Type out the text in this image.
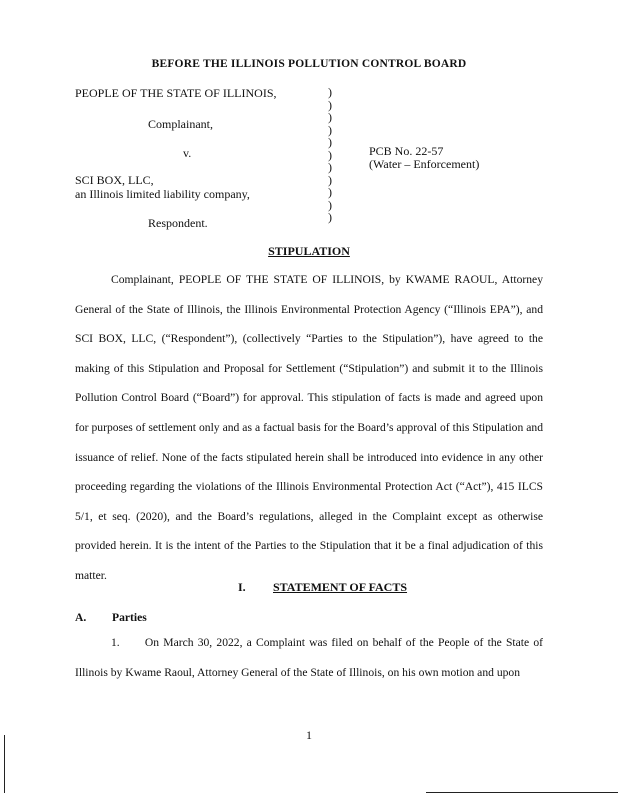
BEFORE THE ILLINOIS POLLUTION CONTROL BOARD
PEOPLE OF THE STATE OF ILLINOIS,
Complainant,
v.
SCI BOX, LLC,
an Illinois limited liability company,
Respondent.
)
)
)
)
)
)
)
)
)
)
)
PCB No. 22-57
(Water – Enforcement)
STIPULATION

Complainant, PEOPLE OF THE STATE OF ILLINOIS, by KWAME RAOUL, Attorney General of the State of Illinois, the Illinois Environmental Protection Agency (“Illinois EPA”), and SCI BOX, LLC, (“Respondent”), (collectively “Parties to the Stipulation”), have agreed to the making of this Stipulation and Proposal for Settlement (“Stipulation”) and submit it to the Illinois Pollution Control Board (“Board”) for approval. This stipulation of facts is made and agreed upon for purposes of settlement only and as a factual basis for the Board’s approval of this Stipulation and issuance of relief. None of the facts stipulated herein shall be introduced into evidence in any other proceeding regarding the violations of the Illinois Environmental Protection Act (“Act”), 415 ILCS 5/1, et seq. (2020), and the Board’s regulations, alleged in the Complaint except as otherwise provided herein. It is the intent of the Parties to the Stipulation that it be a final adjudication of this matter.

I. STATEMENT OF FACTS
A. Parties

1. On March 30, 2022, a Complaint was filed on behalf of the People of the State of Illinois by Kwame Raoul, Attorney General of the State of Illinois, on his own motion and upon

1
